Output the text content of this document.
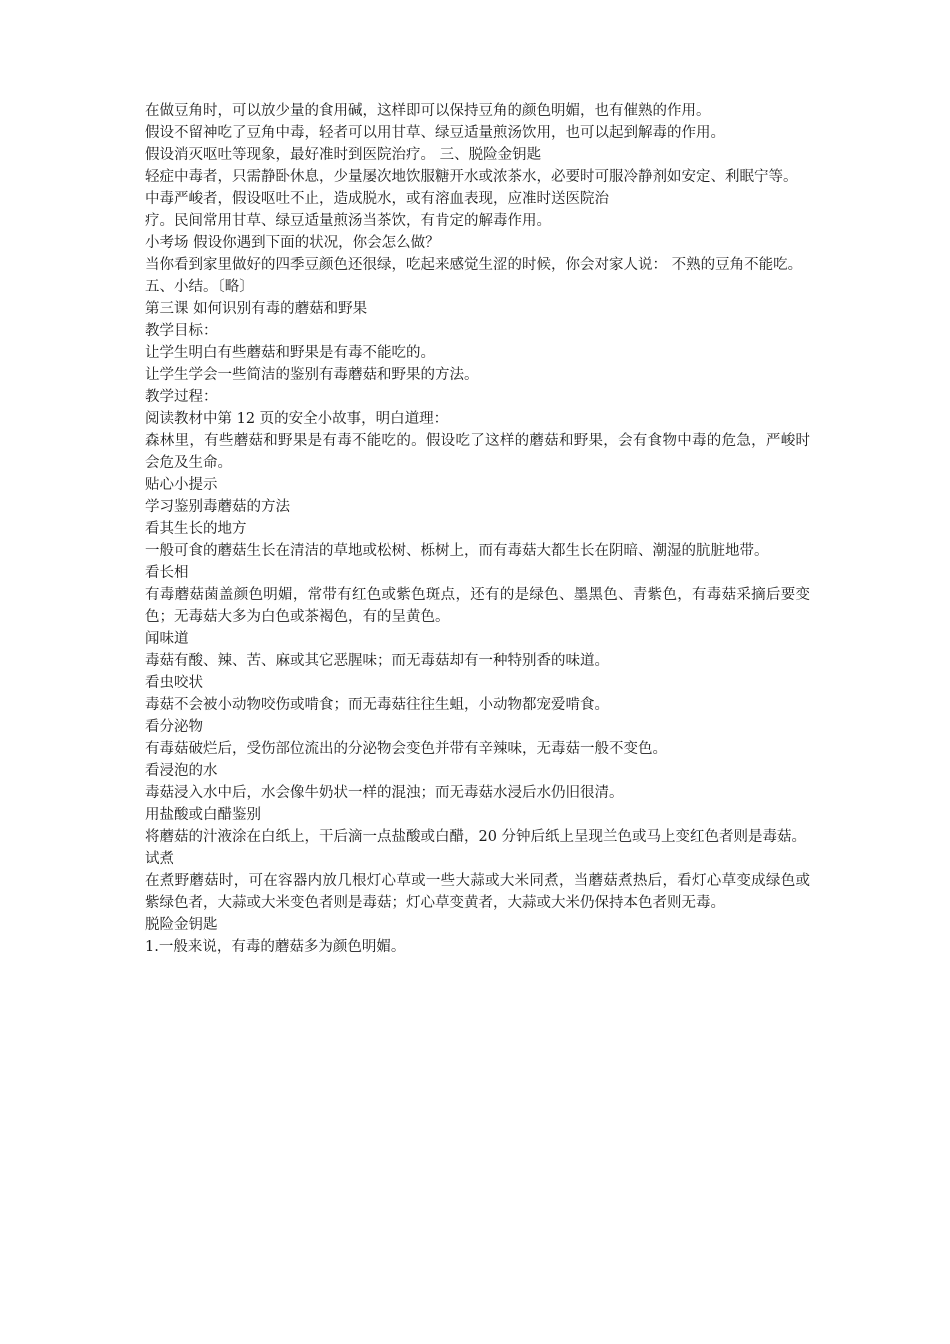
在做豆角时，可以放少量的食用碱，这样即可以保持豆角的颜色明媚，也有催熟的作用。

假设不留神吃了豆角中毒，轻者可以用甘草、绿豆适量煎汤饮用，也可以起到解毒的作用。

假设消灭呕吐等现象，最好准时到医院治疗。 三、脱险金钥匙

轻症中毒者，只需静卧休息，少量屡次地饮服糖开水或浓茶水，必要时可服冷静剂如安定、利眠宁等。

中毒严峻者，假设呕吐不止，造成脱水，或有溶血表现，应准时送医院治

疗。民间常用甘草、绿豆适量煎汤当茶饮，有肯定的解毒作用。

小考场 假设你遇到下面的状况，你会怎么做？

当你看到家里做好的四季豆颜色还很绿，吃起来感觉生涩的时候，你会对家人说： 不熟的豆角不能吃。

五、小结。〔略〕

第三课 如何识别有毒的蘑菇和野果

教学目标：

让学生明白有些蘑菇和野果是有毒不能吃的。

让学生学会一些简洁的鉴别有毒蘑菇和野果的方法。

教学过程：

阅读教材中第 12 页的安全小故事，明白道理：

森林里，有些蘑菇和野果是有毒不能吃的。假设吃了这样的蘑菇和野果，会有食物中毒的危急，严峻时会危及生命。

贴心小提示

学习鉴别毒蘑菇的方法

看其生长的地方

一般可食的蘑菇生长在清洁的草地或松树、栎树上，而有毒菇大都生长在阴暗、潮湿的肮脏地带。

看长相

有毒蘑菇菌盖颜色明媚，常带有红色或紫色斑点，还有的是绿色、墨黑色、青紫色，有毒菇采摘后要变色；无毒菇大多为白色或茶褐色，有的呈黄色。

闻味道

毒菇有酸、辣、苦、麻或其它恶腥味；而无毒菇却有一种特别香的味道。

看虫咬状

毒菇不会被小动物咬伤或啃食；而无毒菇往往生蛆，小动物都宠爱啃食。

看分泌物

有毒菇破烂后，受伤部位流出的分泌物会变色并带有辛辣味，无毒菇一般不变色。

看浸泡的水

毒菇浸入水中后，水会像牛奶状一样的混浊；而无毒菇水浸后水仍旧很清。

用盐酸或白醋鉴别

将蘑菇的汁液涂在白纸上，干后滴一点盐酸或白醋，20 分钟后纸上呈现兰色或马上变红色者则是毒菇。

试煮

在煮野蘑菇时，可在容器内放几根灯心草或一些大蒜或大米同煮，当蘑菇煮热后，看灯心草变成绿色或紫绿色者，大蒜或大米变色者则是毒菇；灯心草变黄者，大蒜或大米仍保持本色者则无毒。

脱险金钥匙

1.一般来说，有毒的蘑菇多为颜色明媚。
